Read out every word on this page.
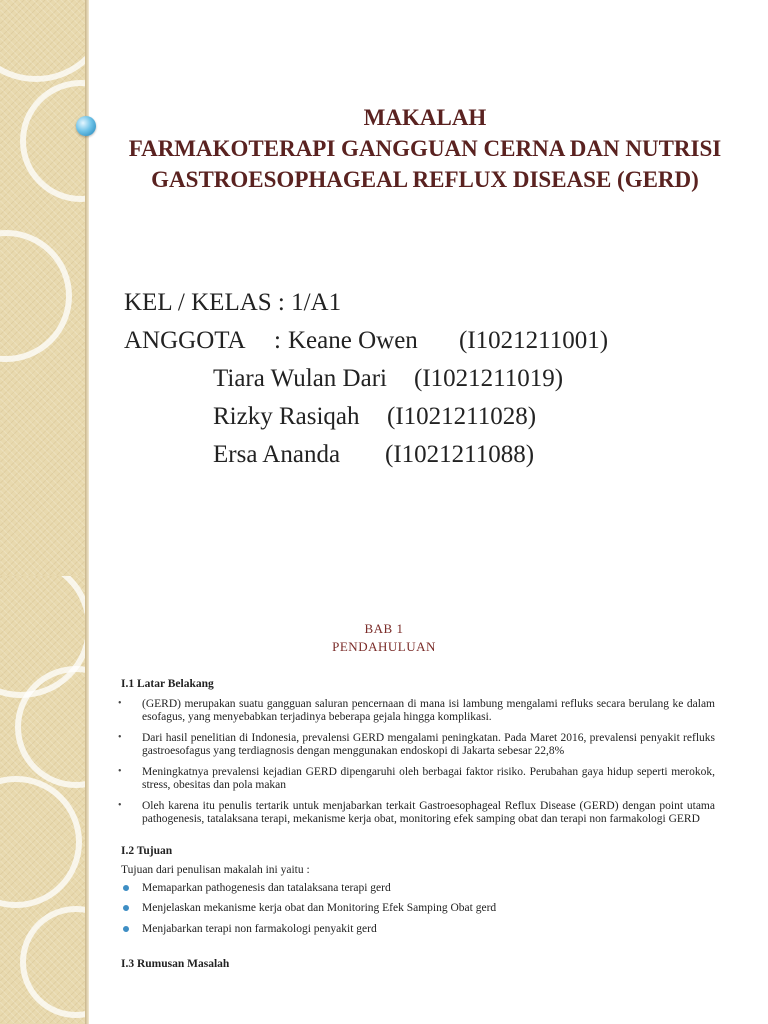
MAKALAH
FARMAKOTERAPI GANGGUAN CERNA DAN NUTRISI
GASTROESOPHAGEAL REFLUX DISEASE (GERD)
KEL / KELAS : 1/A1
ANGGOTA : Keane Owen (I1021211001)
Tiara Wulan Dari (I1021211019)
Rizky Rasiqah (I1021211028)
Ersa Ananda (I1021211088)
BAB 1
PENDAHULUAN
I.1 Latar Belakang
• (GERD) merupakan suatu gangguan saluran pencernaan di mana isi lambung mengalami refluks secara berulang ke dalam esofagus, yang menyebabkan terjadinya beberapa gejala hingga komplikasi.
• Dari hasil penelitian di Indonesia, prevalensi GERD mengalami peningkatan. Pada Maret 2016, prevalensi penyakit refluks gastroesofagus yang terdiagnosis dengan menggunakan endoskopi di Jakarta sebesar 22,8%
• Meningkatnya prevalensi kejadian GERD dipengaruhi oleh berbagai faktor risiko. Perubahan gaya hidup seperti merokok, stress, obesitas dan pola makan
• Oleh karena itu penulis tertarik untuk menjabarkan terkait Gastroesophageal Reflux Disease (GERD) dengan point utama pathogenesis, tatalaksana terapi, mekanisme kerja obat, monitoring efek samping obat dan terapi non farmakologi GERD
I.2 Tujuan
Tujuan dari penulisan makalah ini yaitu :
Memaparkan pathogenesis dan tatalaksana terapi gerd
Menjelaskan mekanisme kerja obat dan Monitoring Efek Samping Obat gerd
Menjabarkan terapi non farmakologi penyakit gerd
I.3 Rumusan Masalah
